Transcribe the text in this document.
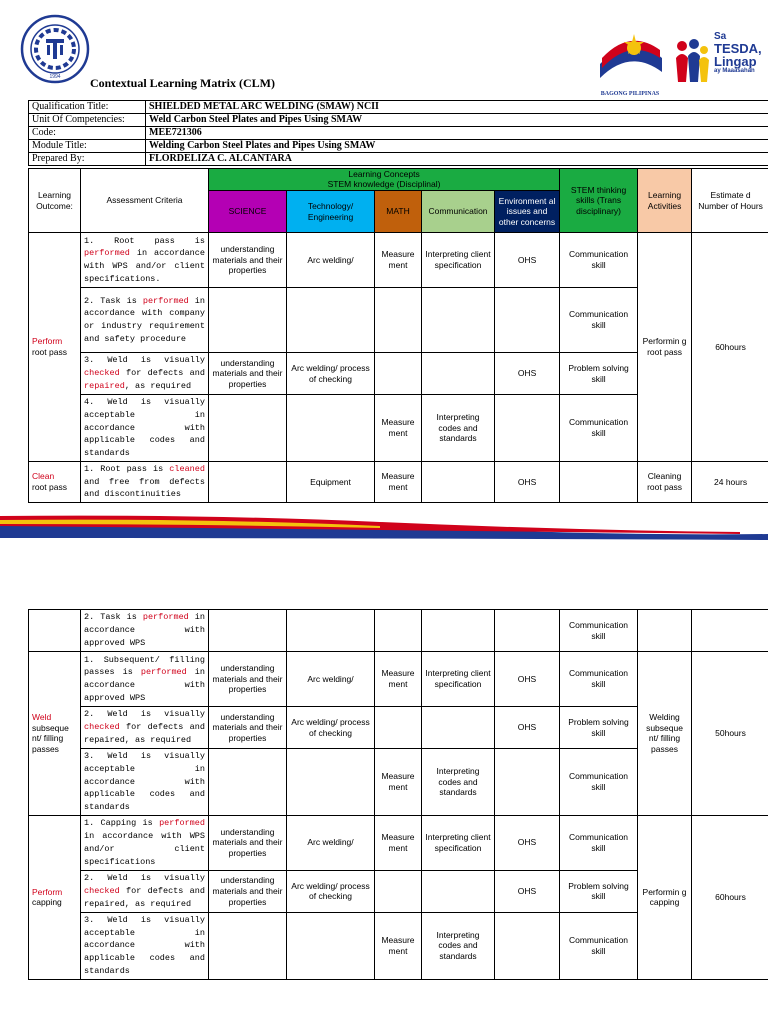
1994 Contextual Learning Matrix (CLM)
BAGONG PILIPINAS
Sa
TESDA,
Lingap
ay Maaasahan
Qualification Title:	SHIELDED METAL ARC WELDING (SMAW) NCII
Unit Of Competencies:	Weld Carbon Steel Plates and Pipes Using SMAW
Code:	MEE721306
Module Title:	Welding Carbon Steel Plates and Pipes Using SMAW
Prepared By:	FLORDELIZA C. ALCANTARA
Learning Outcome:	Assessment Criteria	Learning Concepts
STEM knowledge (Disciplinal)					STEM thinking skills (Trans disciplinary)	Learning Activities	Estimate d Number of Hours
		SCIENCE	Technology/ Engineering	MATH	Communication	Environment al issues and other concerns			
Perform
root pass	1. Root pass is performed in accordance with WPS and/or client specifications.	understanding materials and their properties	Arc welding/	Measure ment	Interpreting client specification	OHS	Communication skill	Performin g root pass	60hours
	2. Task is performed in accordance with company or industry requirement and safety procedure						Communication skill		
	3. Weld is visually checked for defects and repaired, as required	understanding materials and their properties	Arc welding/ process of checking			OHS	Problem solving skill		
	4. Weld is visually acceptable in accordance with applicable codes and standards			Measure ment	Interpreting codes and standards		Communication skill		
Clean
root pass	1. Root pass is cleaned and free from defects and discontinuities		Equipment	Measure ment		OHS		Cleaning root pass	24 hours
	2. Task is performed in accordance with approved WPS						Communication skill		
Weld
subseque nt/ filling passes	1. Subsequent/ filling passes is performed in accordance with approved WPS	understanding materials and their properties	Arc welding/	Measure ment	Interpreting client specification	OHS	Communication skill	Welding subseque nt/ filling passes	50hours
	2. Weld is visually checked for defects and repaired, as required	understanding materials and their properties	Arc welding/ process of checking			OHS	Problem solving skill		
	3. Weld is visually acceptable in accordance with applicable codes and standards			Measure ment	Interpreting codes and standards		Communication skill		
Perform
capping	1. Capping is performed in accordance with WPS and/or client specifications	understanding materials and their properties	Arc welding/	Measure ment	Interpreting client specification	OHS	Communication skill	Performin g capping	60hours
	2. Weld is visually checked for defects and repaired, as required	understanding materials and their properties	Arc welding/ process of checking			OHS	Problem solving skill		
	3. Weld is visually acceptable in accordance with applicable codes and standards			Measure ment	Interpreting codes and standards		Communication skill		
